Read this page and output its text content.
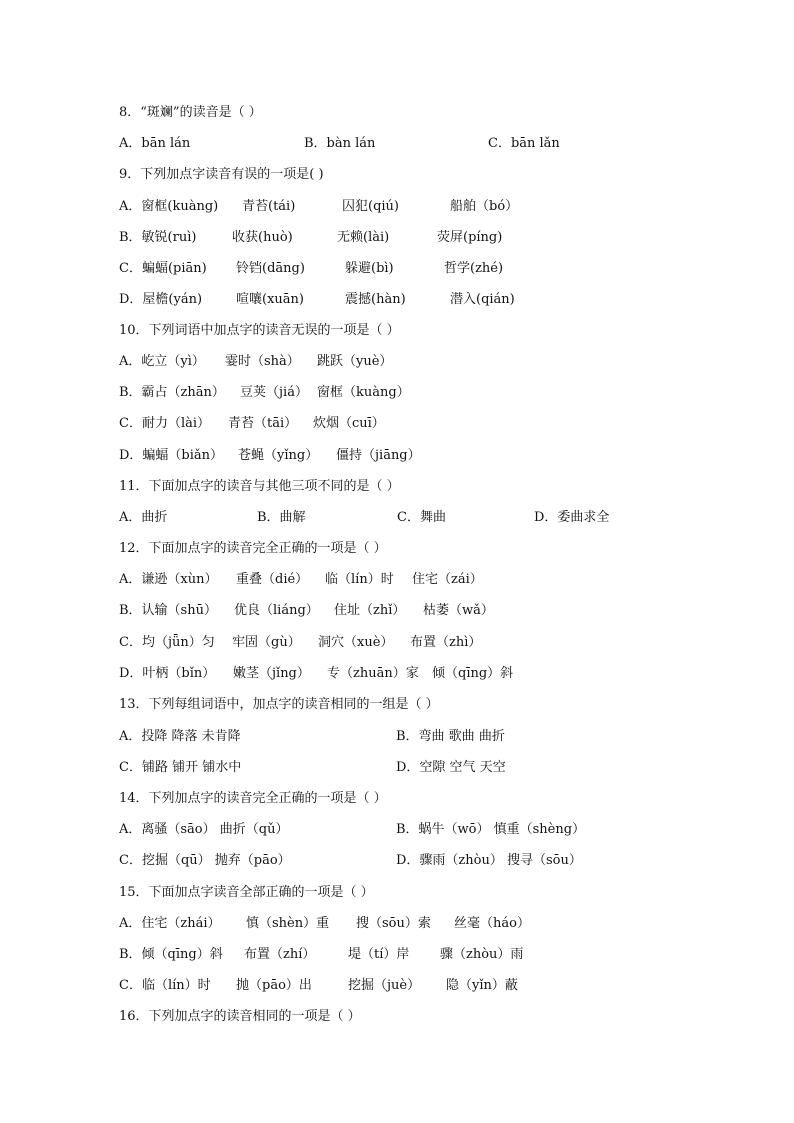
8．“斑斓”的读音是（ ）
A．bān lán	B．bàn lán	C．bān lǎn
9．下列加点字读音有误的一项是( )
A．窗框(kuàng) 青苔(tái)	囚犯(qiú)	船舶（bó）
B．敏锐(ruì)	收获(huò)	无赖(lài)	荧屏(píng)
C．蝙蝠(piān) 铃铛(dāng)	躲避(bì)	哲学(zhé)
D．屋檐(yán)	喧嚷(xuān)	震撼(hàn)	潜入(qián)
10．下列词语中加点字的读音无误的一项是（ ）
A．屹立（yì） 霎时（shà） 跳跃（yuè）
B．霸占（zhān） 豆荚（jiá） 窗框（kuàng）
C．耐力（lài） 青苔（tāi） 炊烟（cuī）
D．蝙蝠（biǎn） 苍蝇（yǐng） 僵持（jiāng）
11．下面加点字的读音与其他三项不同的是（ ）
A．曲折	B．曲解	C．舞曲	D．委曲求全
12．下面加点字的读音完全正确的一项是（ ）
A．谦逊（xùn） 重叠（dié） 临（lín）时 住宅（zái）
B．认输（shū） 优良（liáng） 住址（zhǐ） 枯萎（wǎ）
C．均（jǖn）匀 牢固（gù） 洞穴（xuè） 布置（zhì）
D．叶柄（bǐn） 嫩茎（jǐng） 专（zhuān）家 倾（qīng）斜
13．下列每组词语中，加点字的读音相同的一组是（ ）
A．投降 降落 未肯降	B．弯曲 歌曲 曲折
C．铺路 铺开 铺水中	D．空隙 空气 天空
14．下列加点字的读音完全正确的一项是（ ）
A．离骚（sāo） 曲折（qǔ）	B．蜗牛（wō） 慎重（shèng）
C．挖掘（qū） 抛弃（pāo）	D．骤雨（zhòu） 搜寻（sōu）
15．下面加点字读音全部正确的一项是（ ）
A．住宅（zhái） 慎（shèn）重 搜（sōu）索 丝毫（háo）
B．倾（qīng）斜 布置（zhí）	堤（tí）岸 骤（zhòu）雨
C．临（lín）时 抛（pāo）出	挖掘（juè） 隐（yǐn）蔽
16．下列加点字的读音相同的一项是（ ）
